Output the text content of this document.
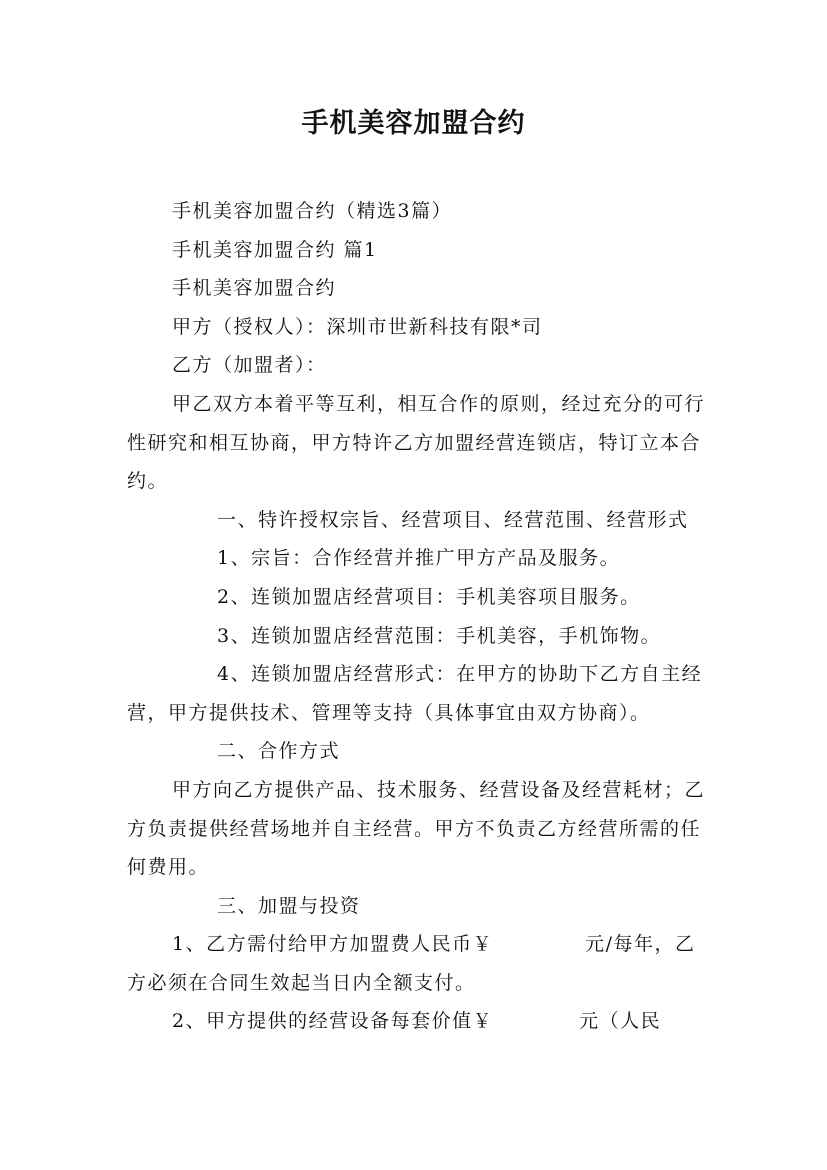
手机美容加盟合约

手机美容加盟合约（精选3篇）

手机美容加盟合约 篇1

手机美容加盟合约

甲方（授权人）：深圳市世新科技有限*司

乙方（加盟者）：

甲乙双方本着平等互利，相互合作的原则，经过充分的可行性研究和相互协商，甲方特许乙方加盟经营连锁店，特订立本合约。

一、特许授权宗旨、经营项目、经营范围、经营形式

1、宗旨：合作经营并推广甲方产品及服务。

2、连锁加盟店经营项目：手机美容项目服务。

3、连锁加盟店经营范围：手机美容，手机饰物。

4、连锁加盟店经营形式：在甲方的协助下乙方自主经营，甲方提供技术、管理等支持（具体事宜由双方协商）。

二、合作方式

甲方向乙方提供产品、技术服务、经营设备及经营耗材；乙方负责提供经营场地并自主经营。甲方不负责乙方经营所需的任何费用。

三、加盟与投资

1、乙方需付给甲方加盟费人民币￥	元/每年，乙方必须在合同生效起当日内全额支付。

2、甲方提供的经营设备每套价值￥	元（人民
